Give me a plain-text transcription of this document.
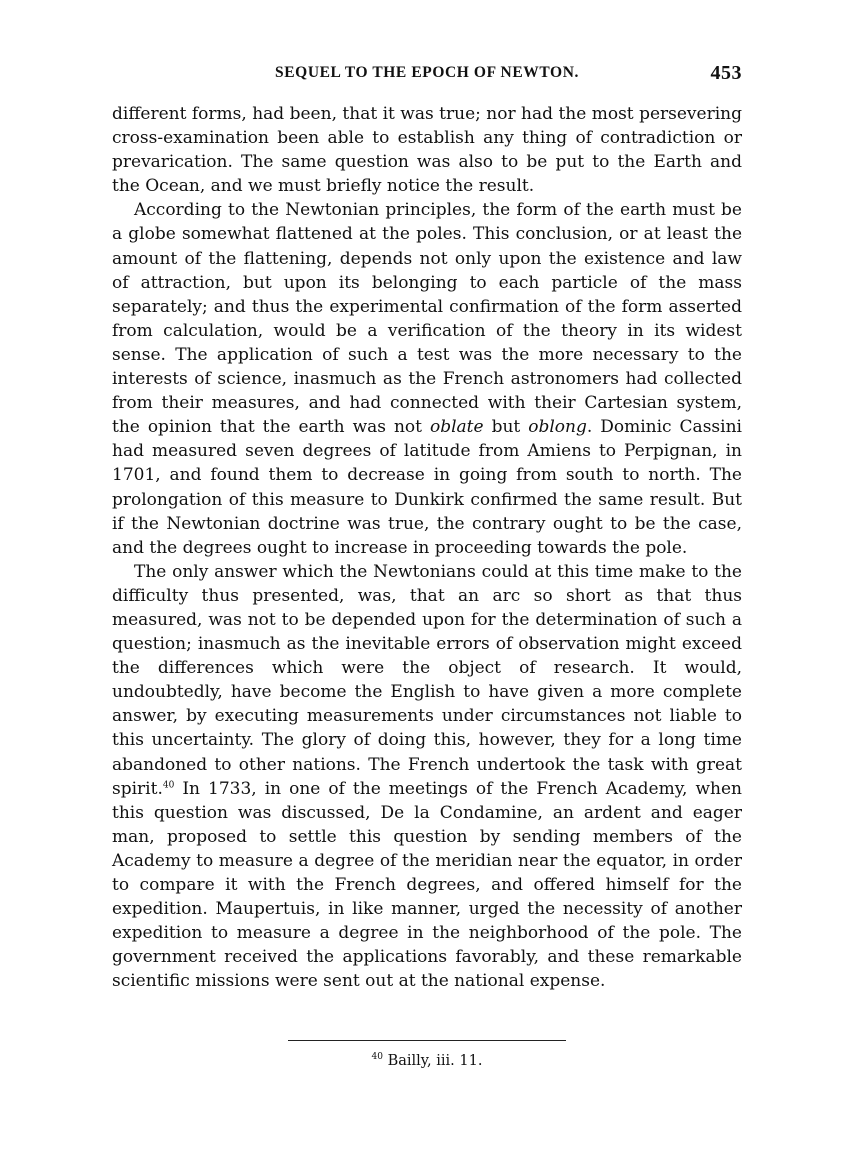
SEQUEL TO THE EPOCH OF NEWTON.	453

different forms, had been, that it was true; nor had the most persevering cross-examination been able to establish any thing of contradiction or prevarication. The same question was also to be put to the Earth and the Ocean, and we must briefly notice the result.

According to the Newtonian principles, the form of the earth must be a globe somewhat flattened at the poles. This conclusion, or at least the amount of the flattening, depends not only upon the existence and law of attraction, but upon its belonging to each particle of the mass separately; and thus the experimental confirmation of the form asserted from calculation, would be a verification of the theory in its widest sense. The application of such a test was the more necessary to the interests of science, inasmuch as the French astronomers had collected from their measures, and had connected with their Cartesian system, the opinion that the earth was not oblate but oblong. Dominic Cassini had measured seven degrees of latitude from Amiens to Perpignan, in 1701, and found them to decrease in going from south to north. The prolongation of this measure to Dunkirk confirmed the same result. But if the Newtonian doctrine was true, the contrary ought to be the case, and the degrees ought to increase in proceeding towards the pole.

The only answer which the Newtonians could at this time make to the difficulty thus presented, was, that an arc so short as that thus measured, was not to be depended upon for the determination of such a question; inasmuch as the inevitable errors of observation might exceed the differences which were the object of research. It would, undoubtedly, have become the English to have given a more complete answer, by executing measurements under circumstances not liable to this uncertainty. The glory of doing this, however, they for a long time abandoned to other nations. The French undertook the task with great spirit.$^{40}$ In 1733, in one of the meetings of the French Academy, when this question was discussed, De la Condamine, an ardent and eager man, proposed to settle this question by sending members of the Academy to measure a degree of the meridian near the equator, in order to compare it with the French degrees, and offered himself for the expedition. Maupertuis, in like manner, urged the necessity of another expedition to measure a degree in the neighborhood of the pole. The government received the applications favorably, and these remarkable scientific missions were sent out at the national expense.

$^{40}$ Bailly, iii. 11.
